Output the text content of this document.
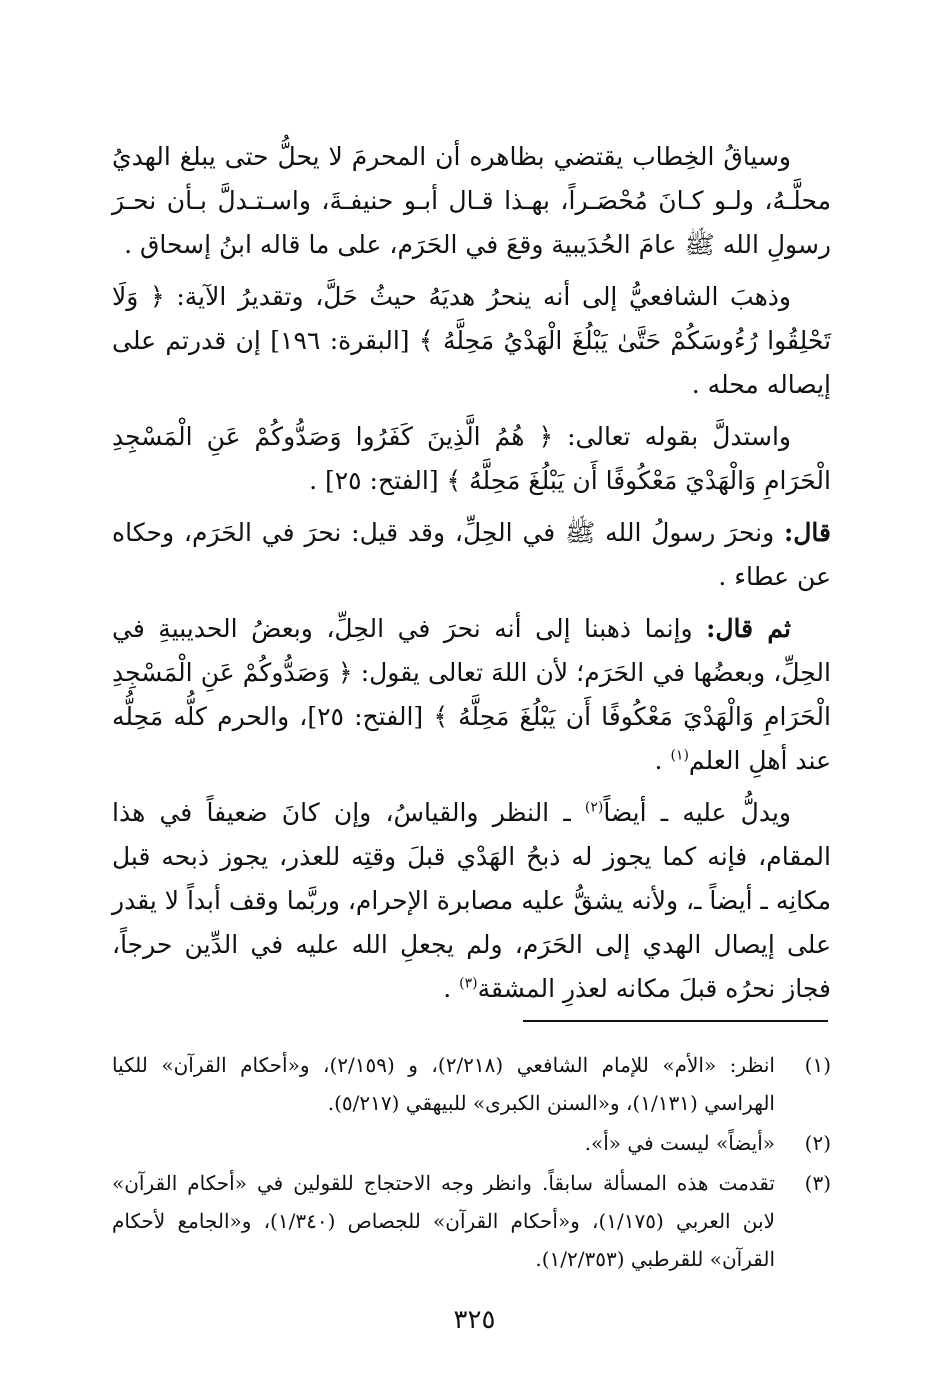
وسياقُ الخِطاب يقتضي بظاهره أن المحرمَ لا يحلُّ حتى يبلغ الهديُ محلَّـهُ، ولـو كـانَ مُحْصَـراً، بهـذا قـال أبـو حنيفـةَ، واسـتـدلَّ بـأن نحـرَ رسولِ الله ﷺ عامَ الحُدَيبية وقعَ في الحَرَم، على ما قاله ابنُ إسحاق .

وذهبَ الشافعيُّ إلى أنه ينحرُ هديَهُ حيثُ حَلَّ، وتقديرُ الآية: ﴿ وَلَا تَحْلِقُوا رُءُوسَكُمْ حَتَّىٰ يَبْلُغَ الْهَدْيُ مَحِلَّهُ ﴾ [البقرة: ١٩٦] إن قدرتم على إيصاله محله .

واستدلَّ بقوله تعالى: ﴿ هُمُ الَّذِينَ كَفَرُوا وَصَدُّوكُمْ عَنِ الْمَسْجِدِ الْحَرَامِ وَالْهَدْيَ مَعْكُوفًا أَن يَبْلُغَ مَحِلَّهُ ﴾ [الفتح: ٢٥] .

قال: ونحرَ رسولُ الله ﷺ في الحِلِّ، وقد قيل: نحرَ في الحَرَم، وحكاه عن عطاء .

ثم قال: وإنما ذهبنا إلى أنه نحرَ في الحِلِّ، وبعضُ الحديبيةِ في الحِلِّ، وبعضُها في الحَرَم؛ لأن اللهَ تعالى يقول: ﴿ وَصَدُّوكُمْ عَنِ الْمَسْجِدِ الْحَرَامِ وَالْهَدْيَ مَعْكُوفًا أَن يَبْلُغَ مَحِلَّهُ ﴾ [الفتح: ٢٥]، والحرم كلُّه مَحِلُّه عند أهلِ العلم$^{(١)}$ .

ويدلُّ عليه ـ أيضاً$^{(٢)}$ ـ النظر والقياسُ، وإن كانَ ضعيفاً في هذا المقام، فإنه كما يجوز له ذبحُ الهَدْي قبلَ وقتِه للعذر، يجوز ذبحه قبل مكانِه ـ أيضاً ـ، ولأنه يشقُّ عليه مصابرة الإحرام، وربَّما وقف أبداً لا يقدر على إيصال الهدي إلى الحَرَم، ولم يجعلِ الله عليه في الدِّين حرجاً، فجاز نحرُه قبلَ مكانه لعذرِ المشقة$^{(٣)}$ .

(١)
انظر: «الأم» للإمام الشافعي (٢/٢١٨)، و (٢/١٥٩)، و«أحكام القرآن» للكيا الهراسي (١/١٣١)، و«السنن الكبرى» للبيهقي (٥/٢١٧).
(٢)
«أيضاً» ليست في «أ».
(٣)
تقدمت هذه المسألة سابقاً. وانظر وجه الاحتجاج للقولين في «أحكام القرآن» لابن العربي (١/١٧٥)، و«أحكام القرآن» للجصاص (١/٣٤٠)، و«الجامع لأحكام القرآن» للقرطبي (١/٢/٣٥٣).
٣٢٥
